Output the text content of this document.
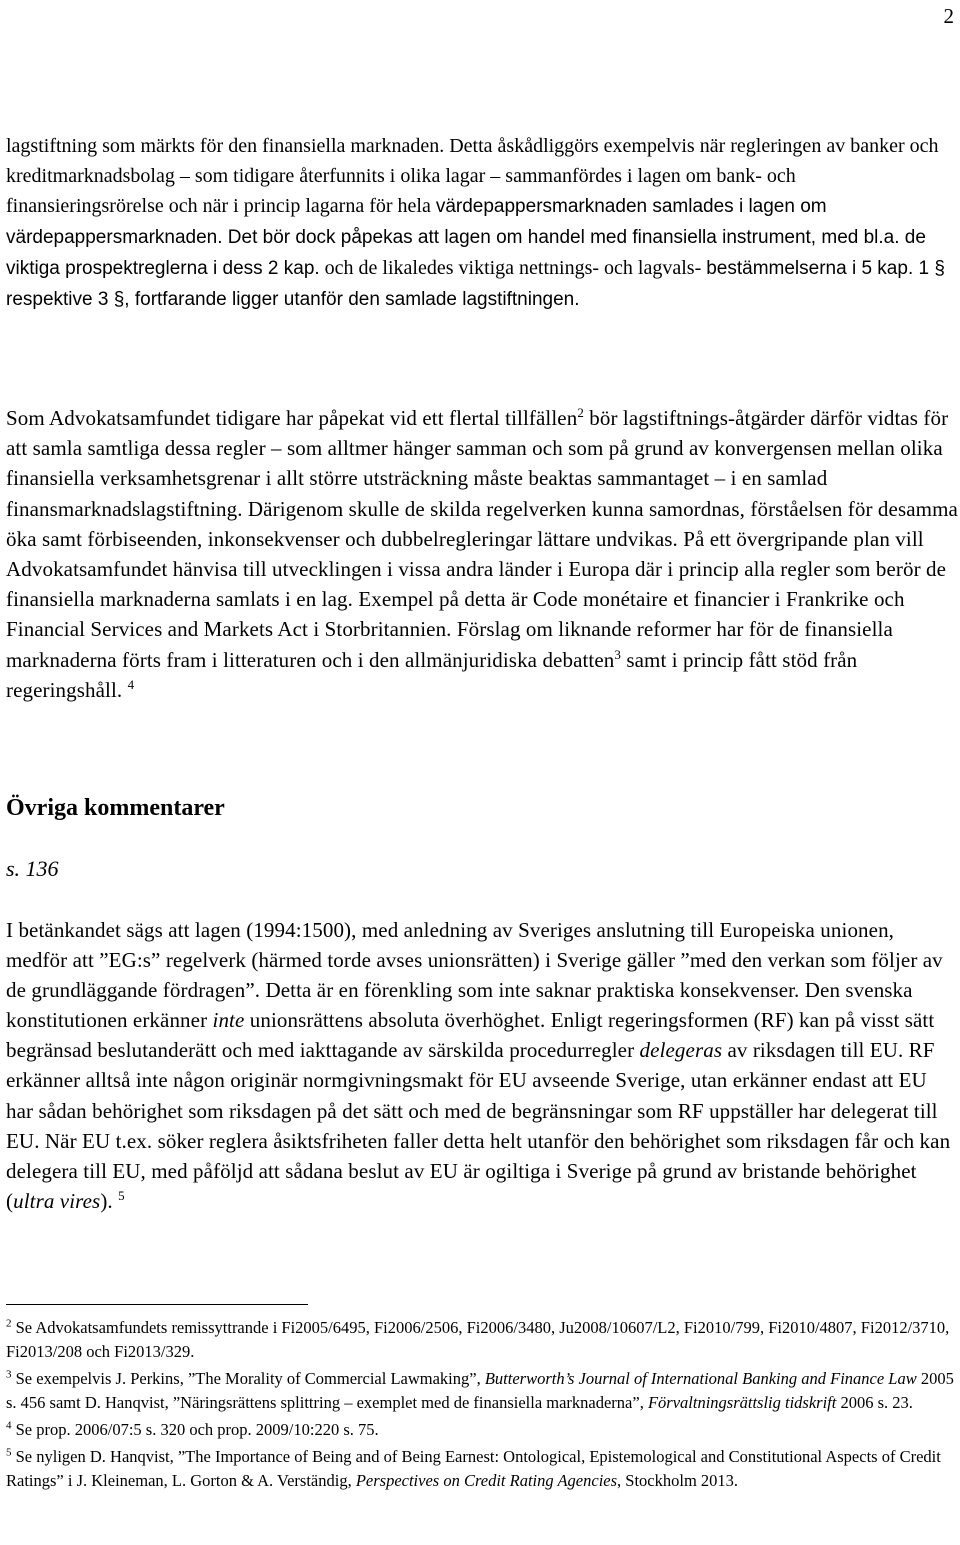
2

lagstiftning som märkts för den finansiella marknaden. Detta åskådliggörs exempelvis när regleringen av banker och kreditmarknadsbolag – som tidigare återfunnits i olika lagar – sammanfördes i lagen om bank- och finansieringsrörelse och när i princip lagarna för hela värdepappersmarknaden samlades i lagen om värdepappersmarknaden. Det bör dock påpekas att lagen om handel med finansiella instrument, med bl.a. de viktiga prospektreglerna i dess 2 kap. och de likaledes viktiga nettnings- och lagvals- bestämmelserna i 5 kap. 1 § respektive 3 §, fortfarande ligger utanför den samlade lagstiftningen.

Som Advokatsamfundet tidigare har påpekat vid ett flertal tillfällen$^2$ bör lagstiftnings-åtgärder därför vidtas för att samla samtliga dessa regler – som alltmer hänger samman och som på grund av konvergensen mellan olika finansiella verksamhetsgrenar i allt större utsträckning måste beaktas sammantaget – i en samlad finansmarknadslagstiftning. Därigenom skulle de skilda regelverken kunna samordnas, förståelsen för desamma öka samt förbiseenden, inkonsekvenser och dubbelregleringar lättare undvikas. På ett övergripande plan vill Advokatsamfundet hänvisa till utvecklingen i vissa andra länder i Europa där i princip alla regler som berör de finansiella marknaderna samlats i en lag. Exempel på detta är Code monétaire et financier i Frankrike och Financial Services and Markets Act i Storbritannien. Förslag om liknande reformer har för de finansiella marknaderna förts fram i litteraturen och i den allmänjuridiska debatten$^3$ samt i princip fått stöd från regeringshåll. $^4$

Övriga kommentarer

s. 136

I betänkandet sägs att lagen (1994:1500), med anledning av Sveriges anslutning till Europeiska unionen, medför att ”EG:s” regelverk (härmed torde avses unionsrätten) i Sverige gäller ”med den verkan som följer av de grundläggande fördragen”. Detta är en förenkling som inte saknar praktiska konsekvenser. Den svenska konstitutionen erkänner inte unionsrättens absoluta överhöghet. Enligt regeringsformen (RF) kan på visst sätt begränsad beslutanderätt och med iakttagande av särskilda procedurregler delegeras av riksdagen till EU. RF erkänner alltså inte någon originär normgivningsmakt för EU avseende Sverige, utan erkänner endast att EU har sådan behörighet som riksdagen på det sätt och med de begränsningar som RF uppställer har delegerat till EU. När EU t.ex. söker reglera åsiktsfriheten faller detta helt utanför den behörighet som riksdagen får och kan delegera till EU, med påföljd att sådana beslut av EU är ogiltiga i Sverige på grund av bristande behörighet (ultra vires). $^5$

$^2$ Se Advokatsamfundets remissyttrande i Fi2005/6495, Fi2006/2506, Fi2006/3480, Ju2008/10607/L2, Fi2010/799, Fi2010/4807, Fi2012/3710, Fi2013/208 och Fi2013/329.

$^3$ Se exempelvis J. Perkins, ”The Morality of Commercial Lawmaking”, Butterworth’s Journal of International Banking and Finance Law 2005 s. 456 samt D. Hanqvist, ”Näringsrättens splittring – exemplet med de finansiella marknaderna”, Förvaltningsrättslig tidskrift 2006 s. 23.

$^4$ Se prop. 2006/07:5 s. 320 och prop. 2009/10:220 s. 75.

$^5$ Se nyligen D. Hanqvist, ”The Importance of Being and of Being Earnest: Ontological, Epistemological and Constitutional Aspects of Credit Ratings” i J. Kleineman, L. Gorton & A. Verständig, Perspectives on Credit Rating Agencies, Stockholm 2013.
